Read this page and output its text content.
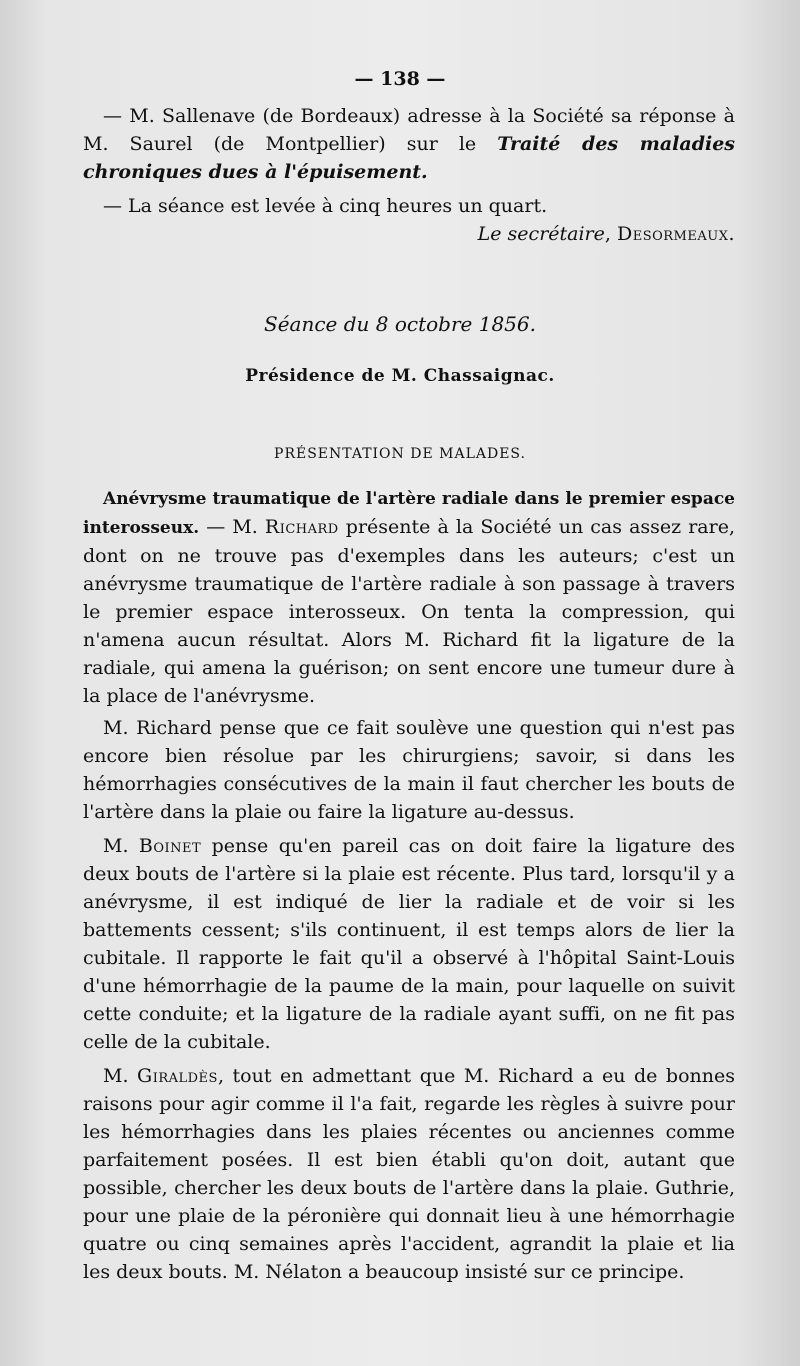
— 138 —

— M. Sallenave (de Bordeaux) adresse à la Société sa réponse à M. Saurel (de Montpellier) sur le Traité des maladies chroniques dues à l'épuisement.

— La séance est levée à cinq heures un quart.

Le secrétaire, Desormeaux.

Séance du 8 octobre 1856.
Présidence de M. Chassaignac.
PRÉSENTATION DE MALADES.

Anévrysme traumatique de l'artère radiale dans le premier espace interosseux. — M. Richard présente à la Société un cas assez rare, dont on ne trouve pas d'exemples dans les auteurs; c'est un anévrysme traumatique de l'artère radiale à son passage à travers le premier espace interosseux. On tenta la compression, qui n'amena aucun résultat. Alors M. Richard fit la ligature de la radiale, qui amena la guérison; on sent encore une tumeur dure à la place de l'anévrysme.

M. Richard pense que ce fait soulève une question qui n'est pas encore bien résolue par les chirurgiens; savoir, si dans les hémorrhagies consécutives de la main il faut chercher les bouts de l'artère dans la plaie ou faire la ligature au-dessus.

M. Boinet pense qu'en pareil cas on doit faire la ligature des deux bouts de l'artère si la plaie est récente. Plus tard, lorsqu'il y a anévrysme, il est indiqué de lier la radiale et de voir si les battements cessent; s'ils continuent, il est temps alors de lier la cubitale. Il rapporte le fait qu'il a observé à l'hôpital Saint-Louis d'une hémorrhagie de la paume de la main, pour laquelle on suivit cette conduite; et la ligature de la radiale ayant suffi, on ne fit pas celle de la cubitale.

M. Giraldès, tout en admettant que M. Richard a eu de bonnes raisons pour agir comme il l'a fait, regarde les règles à suivre pour les hémorrhagies dans les plaies récentes ou anciennes comme parfaitement posées. Il est bien établi qu'on doit, autant que possible, chercher les deux bouts de l'artère dans la plaie. Guthrie, pour une plaie de la péronière qui donnait lieu à une hémorrhagie quatre ou cinq semaines après l'accident, agrandit la plaie et lia les deux bouts. M. Nélaton a beaucoup insisté sur ce principe.
